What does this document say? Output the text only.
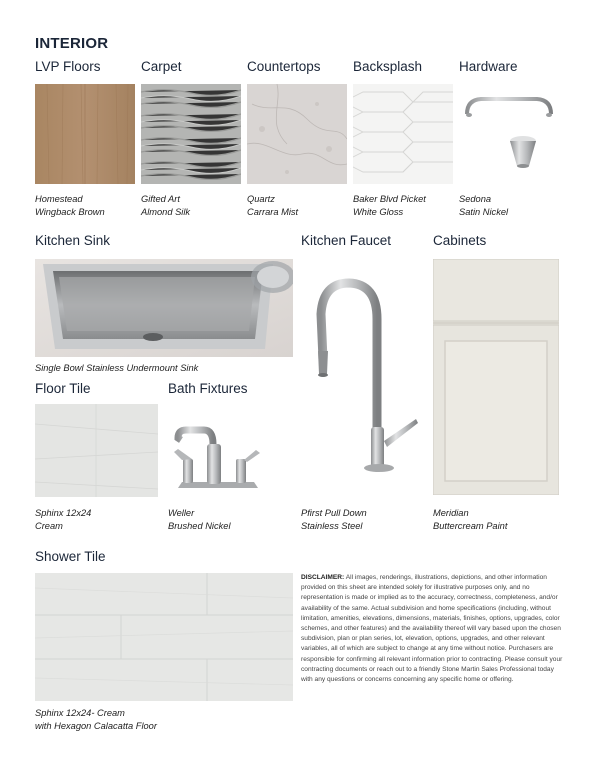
INTERIOR
LVP Floors	Carpet	Countertops Backsplash	Hardware
Homestead
Wingback Brown
Gifted Art
Almond Silk
Quartz
Carrara Mist
Baker Blvd Picket
White Gloss
Sedona
Satin Nickel
Kitchen Sink	Kitchen Faucet	Cabinets
Single Bowl Stainless Undermount Sink
Pfirst Pull Down
Stainless Steel
Meridian
Buttercream Paint
Floor Tile	Bath Fixtures
Sphinx 12x24
Cream
Weller
Brushed Nickel
Shower Tile
Sphinx 12x24- Cream
with Hexagon Calacatta Floor
DISCLAIMER: All images, renderings, illustrations, depictions, and other information provided on this sheet are intended solely for illustrative purposes only, and no representation is made or implied as to the accuracy, correctness, completeness, and/or availability of the same. Actual subdivision and home specifications (including, without limitation, amenities, elevations, dimensions, materials, finishes, options, upgrades, color schemes, and other features) and the availability thereof will vary based upon the chosen subdivision, plan or plan series, lot, elevation, options, upgrades, and other relevant variables, all of which are subject to change at any time without notice. Purchasers are responsible for confirming all relevant information prior to contracting. Please consult your contracting documents or reach out to a friendly Stone Martin Sales Professional today with any questions or concerns concerning any specific home or offering.
